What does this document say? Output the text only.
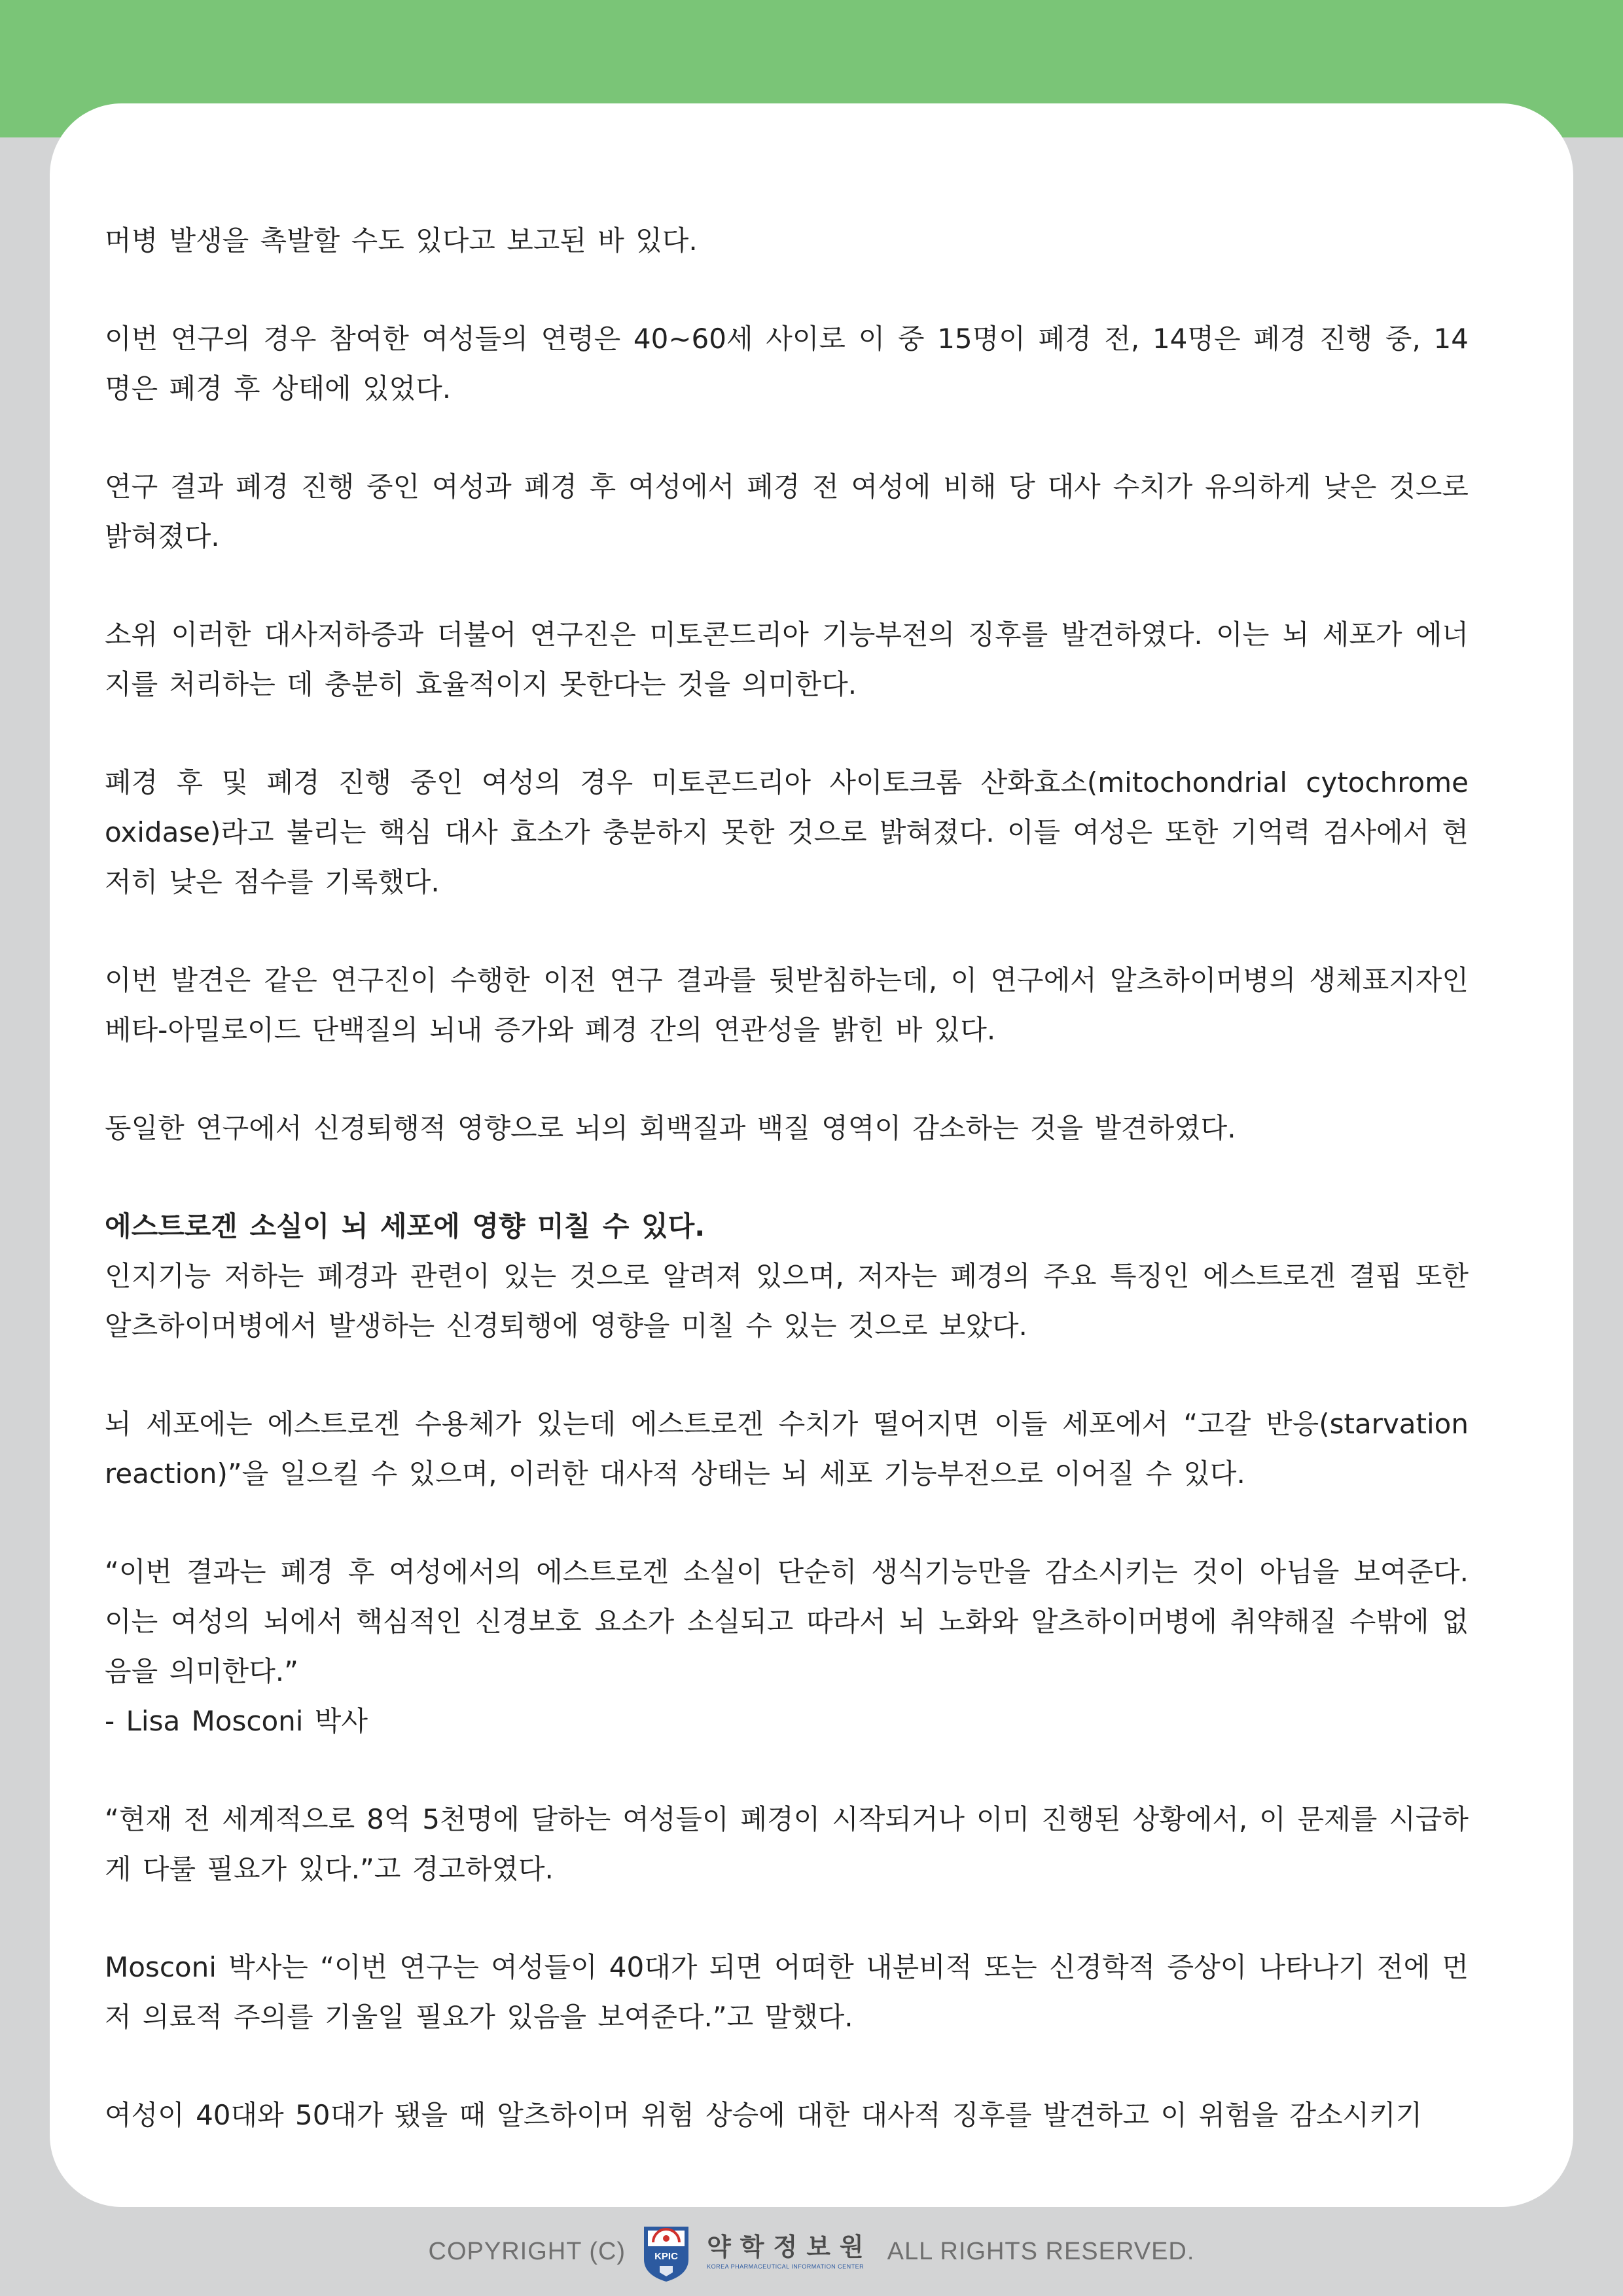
머병 발생을 촉발할 수도 있다고 보고된 바 있다.

이번 연구의 경우 참여한 여성들의 연령은 40~60세 사이로 이 중 15명이 폐경 전, 14명은 폐경 진행 중, 14명은 폐경 후 상태에 있었다.

연구 결과 폐경 진행 중인 여성과 폐경 후 여성에서 폐경 전 여성에 비해 당 대사 수치가 유의하게 낮은 것으로 밝혀졌다.

소위 이러한 대사저하증과 더불어 연구진은 미토콘드리아 기능부전의 징후를 발견하였다. 이는 뇌 세포가 에너지를 처리하는 데 충분히 효율적이지 못한다는 것을 의미한다.

폐경 후 및 폐경 진행 중인 여성의 경우 미토콘드리아 사이토크롬 산화효소(mitochondrial cytochrome oxidase)라고 불리는 핵심 대사 효소가 충분하지 못한 것으로 밝혀졌다. 이들 여성은 또한 기억력 검사에서 현저히 낮은 점수를 기록했다.

이번 발견은 같은 연구진이 수행한 이전 연구 결과를 뒷받침하는데, 이 연구에서 알츠하이머병의 생체표지자인 베타-아밀로이드 단백질의 뇌내 증가와 폐경 간의 연관성을 밝힌 바 있다.

동일한 연구에서 신경퇴행적 영향으로 뇌의 회백질과 백질 영역이 감소하는 것을 발견하였다.

에스트로겐 소실이 뇌 세포에 영향 미칠 수 있다.

인지기능 저하는 폐경과 관련이 있는 것으로 알려져 있으며, 저자는 폐경의 주요 특징인 에스트로겐 결핍 또한 알츠하이머병에서 발생하는 신경퇴행에 영향을 미칠 수 있는 것으로 보았다.

뇌 세포에는 에스트로겐 수용체가 있는데 에스트로겐 수치가 떨어지면 이들 세포에서 “고갈 반응(starvation reaction)”을 일으킬 수 있으며, 이러한 대사적 상태는 뇌 세포 기능부전으로 이어질 수 있다.

“이번 결과는 폐경 후 여성에서의 에스트로겐 소실이 단순히 생식기능만을 감소시키는 것이 아님을 보여준다. 이는 여성의 뇌에서 핵심적인 신경보호 요소가 소실되고 따라서 뇌 노화와 알츠하이머병에 취약해질 수밖에 없음을 의미한다.”

- Lisa Mosconi 박사

“현재 전 세계적으로 8억 5천명에 달하는 여성들이 폐경이 시작되거나 이미 진행된 상황에서, 이 문제를 시급하게 다룰 필요가 있다.”고 경고하였다.

Mosconi 박사는 “이번 연구는 여성들이 40대가 되면 어떠한 내분비적 또는 신경학적 증상이 나타나기 전에 먼저 의료적 주의를 기울일 필요가 있음을 보여준다.”고 말했다.

여성이 40대와 50대가 됐을 때 알츠하이머 위험 상승에 대한 대사적 징후를 발견하고 이 위험을 감소시키기

COPYRIGHT (C)	KPIC 약학정보원
KOREA PHARMACEUTICAL INFORMATION CENTER
ALL RIGHTS RESERVED.
